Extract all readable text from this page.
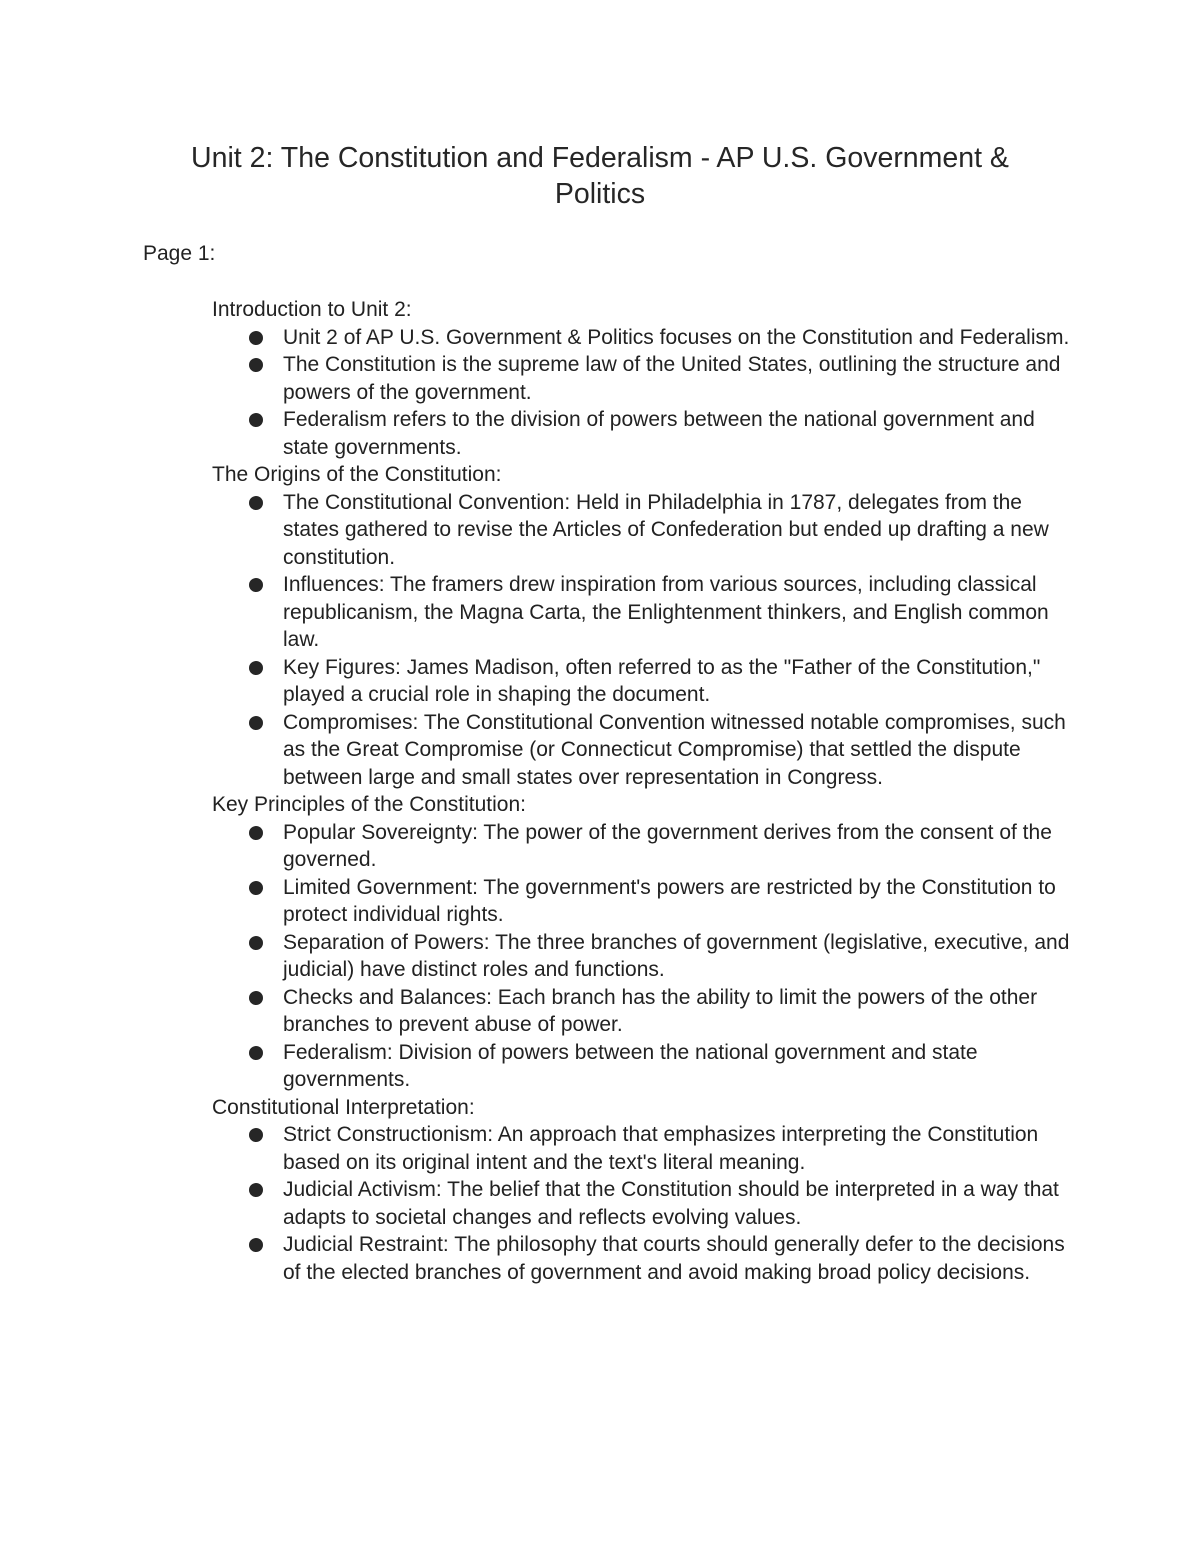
Unit 2: The Constitution and Federalism - AP U.S. Government & Politics

Page 1:

Introduction to Unit 2:

Unit 2 of AP U.S. Government & Politics focuses on the Constitution and Federalism.
The Constitution is the supreme law of the United States, outlining the structure and powers of the government.
Federalism refers to the division of powers between the national government and state governments.

The Origins of the Constitution:

The Constitutional Convention: Held in Philadelphia in 1787, delegates from the states gathered to revise the Articles of Confederation but ended up drafting a new constitution.
Influences: The framers drew inspiration from various sources, including classical republicanism, the Magna Carta, the Enlightenment thinkers, and English common law.
Key Figures: James Madison, often referred to as the "Father of the Constitution," played a crucial role in shaping the document.
Compromises: The Constitutional Convention witnessed notable compromises, such as the Great Compromise (or Connecticut Compromise) that settled the dispute between large and small states over representation in Congress.

Key Principles of the Constitution:

Popular Sovereignty: The power of the government derives from the consent of the governed.
Limited Government: The government's powers are restricted by the Constitution to protect individual rights.
Separation of Powers: The three branches of government (legislative, executive, and judicial) have distinct roles and functions.
Checks and Balances: Each branch has the ability to limit the powers of the other branches to prevent abuse of power.
Federalism: Division of powers between the national government and state governments.

Constitutional Interpretation:

Strict Constructionism: An approach that emphasizes interpreting the Constitution based on its original intent and the text's literal meaning.
Judicial Activism: The belief that the Constitution should be interpreted in a way that adapts to societal changes and reflects evolving values.
Judicial Restraint: The philosophy that courts should generally defer to the decisions of the elected branches of government and avoid making broad policy decisions.
